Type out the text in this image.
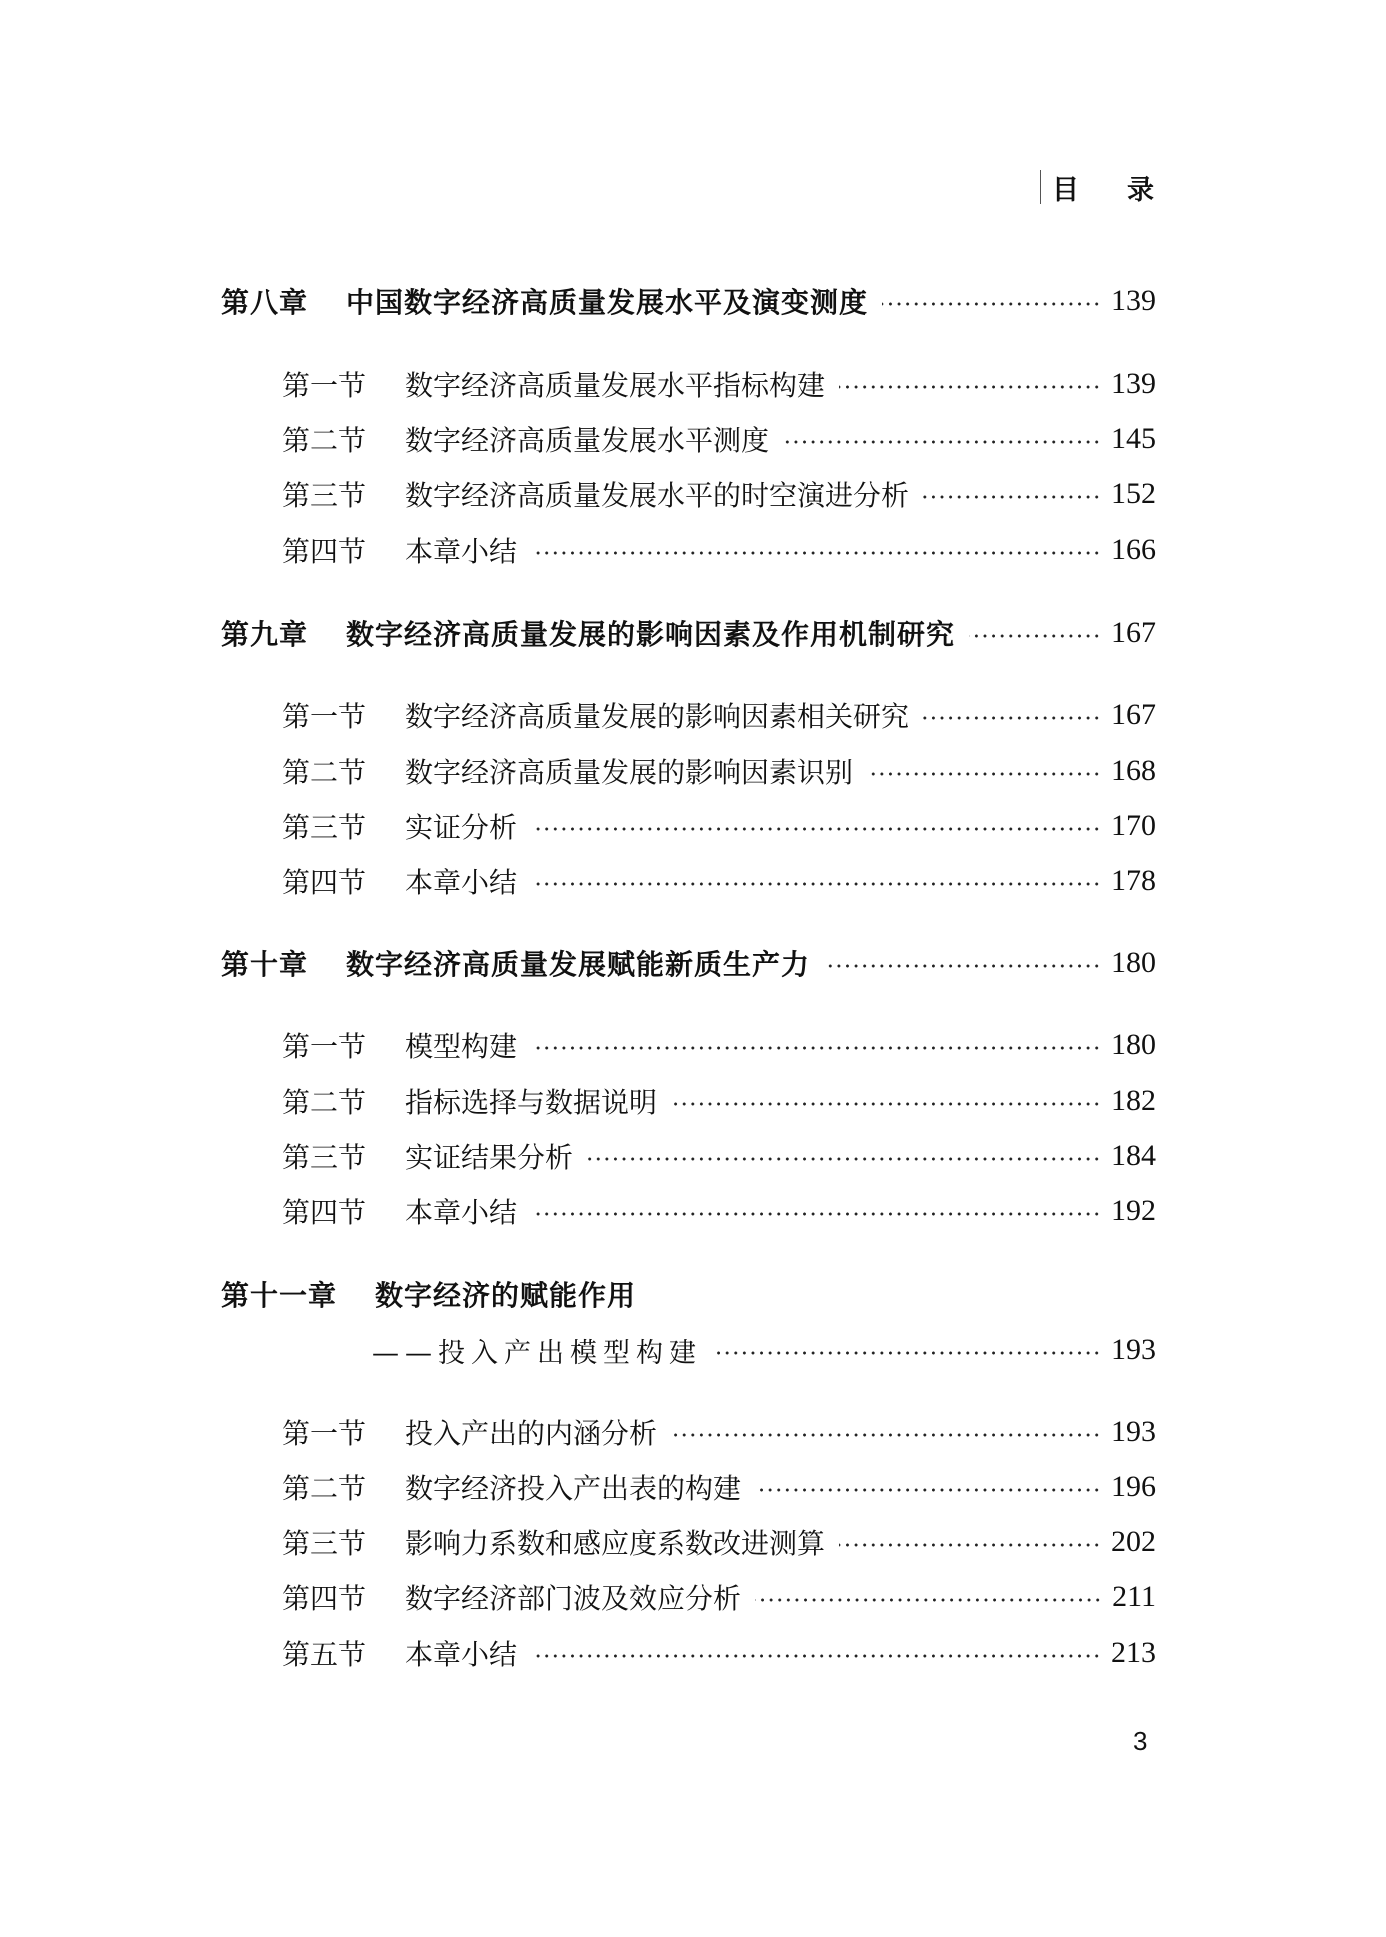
目 录
第八章 中国数字经济高质量发展水平及演变测度	139
第一节 数字经济高质量发展水平指标构建	139
第二节 数字经济高质量发展水平测度	145
第三节 数字经济高质量发展水平的时空演进分析	152
第四节 本章小结	166
第九章 数字经济高质量发展的影响因素及作用机制研究	167
第一节 数字经济高质量发展的影响因素相关研究	167
第二节 数字经济高质量发展的影响因素识别	168
第三节 实证分析	170
第四节 本章小结	178
第十章 数字经济高质量发展赋能新质生产力	180
第一节 模型构建	180
第二节 指标选择与数据说明	182
第三节 实证结果分析	184
第四节 本章小结	192
第十一章 数字经济的赋能作用
——投入产出模型构建	193
第一节 投入产出的内涵分析	193
第二节 数字经济投入产出表的构建	196
第三节 影响力系数和感应度系数改进测算	202
第四节 数字经济部门波及效应分析	211
第五节 本章小结	213
3
